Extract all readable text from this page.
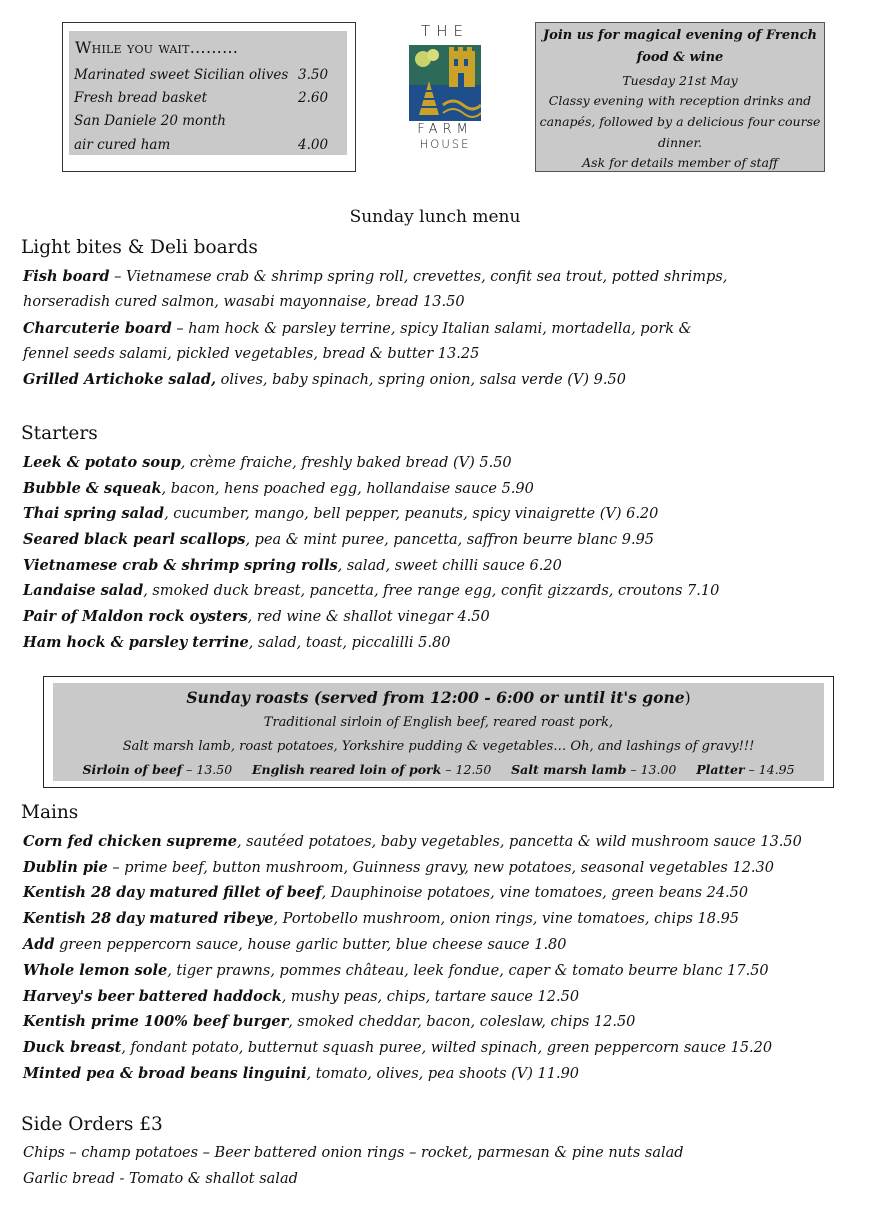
While you wait………
Marinated sweet Sicilian olives 3.50
Fresh bread basket	2.60
San Daniele 20 month
air cured ham	4.00
THE
FARM
HOUSE
Join us for magical evening of French
food & wine
Tuesday 21st May
Classy evening with reception drinks and
canapés, followed by a delicious four course
dinner.
Ask for details member of staff
Sunday lunch menu
Light bites & Deli boards
Fish board – Vietnamese crab & shrimp spring roll, crevettes, confit sea trout, potted shrimps,
horseradish cured salmon, wasabi mayonnaise, bread 13.50
Charcuterie board – ham hock & parsley terrine, spicy Italian salami, mortadella, pork &
fennel seeds salami, pickled vegetables, bread & butter 13.25
Grilled Artichoke salad, olives, baby spinach, spring onion, salsa verde (V) 9.50
Starters
Leek & potato soup, crème fraiche, freshly baked bread (V) 5.50
Bubble & squeak, bacon, hens poached egg, hollandaise sauce 5.90
Thai spring salad, cucumber, mango, bell pepper, peanuts, spicy vinaigrette (V) 6.20
Seared black pearl scallops, pea & mint puree, pancetta, saffron beurre blanc 9.95
Vietnamese crab & shrimp spring rolls, salad, sweet chilli sauce 6.20
Landaise salad, smoked duck breast, pancetta, free range egg, confit gizzards, croutons 7.10
Pair of Maldon rock oysters, red wine & shallot vinegar 4.50
Ham hock & parsley terrine, salad, toast, piccalilli 5.80
Sunday roasts (served from 12:00 - 6:00 or until it's gone)
Traditional sirloin of English beef, reared roast pork,
Salt marsh lamb, roast potatoes, Yorkshire pudding & vegetables… Oh, and lashings of gravy!!!
Sirloin of beef – 13.50 English reared loin of pork – 12.50 Salt marsh lamb – 13.00 Platter – 14.95
Mains
Corn fed chicken supreme, sautéed potatoes, baby vegetables, pancetta & wild mushroom sauce 13.50
Dublin pie – prime beef, button mushroom, Guinness gravy, new potatoes, seasonal vegetables 12.30
Kentish 28 day matured fillet of beef, Dauphinoise potatoes, vine tomatoes, green beans 24.50
Kentish 28 day matured ribeye, Portobello mushroom, onion rings, vine tomatoes, chips 18.95
Add green peppercorn sauce, house garlic butter, blue cheese sauce 1.80
Whole lemon sole, tiger prawns, pommes château, leek fondue, caper & tomato beurre blanc 17.50
Harvey's beer battered haddock, mushy peas, chips, tartare sauce 12.50
Kentish prime 100% beef burger, smoked cheddar, bacon, coleslaw, chips 12.50
Duck breast, fondant potato, butternut squash puree, wilted spinach, green peppercorn sauce 15.20
Minted pea & broad beans linguini, tomato, olives, pea shoots (V) 11.90
Side Orders £3
Chips – champ potatoes – Beer battered onion rings – rocket, parmesan & pine nuts salad
Garlic bread - Tomato & shallot salad
